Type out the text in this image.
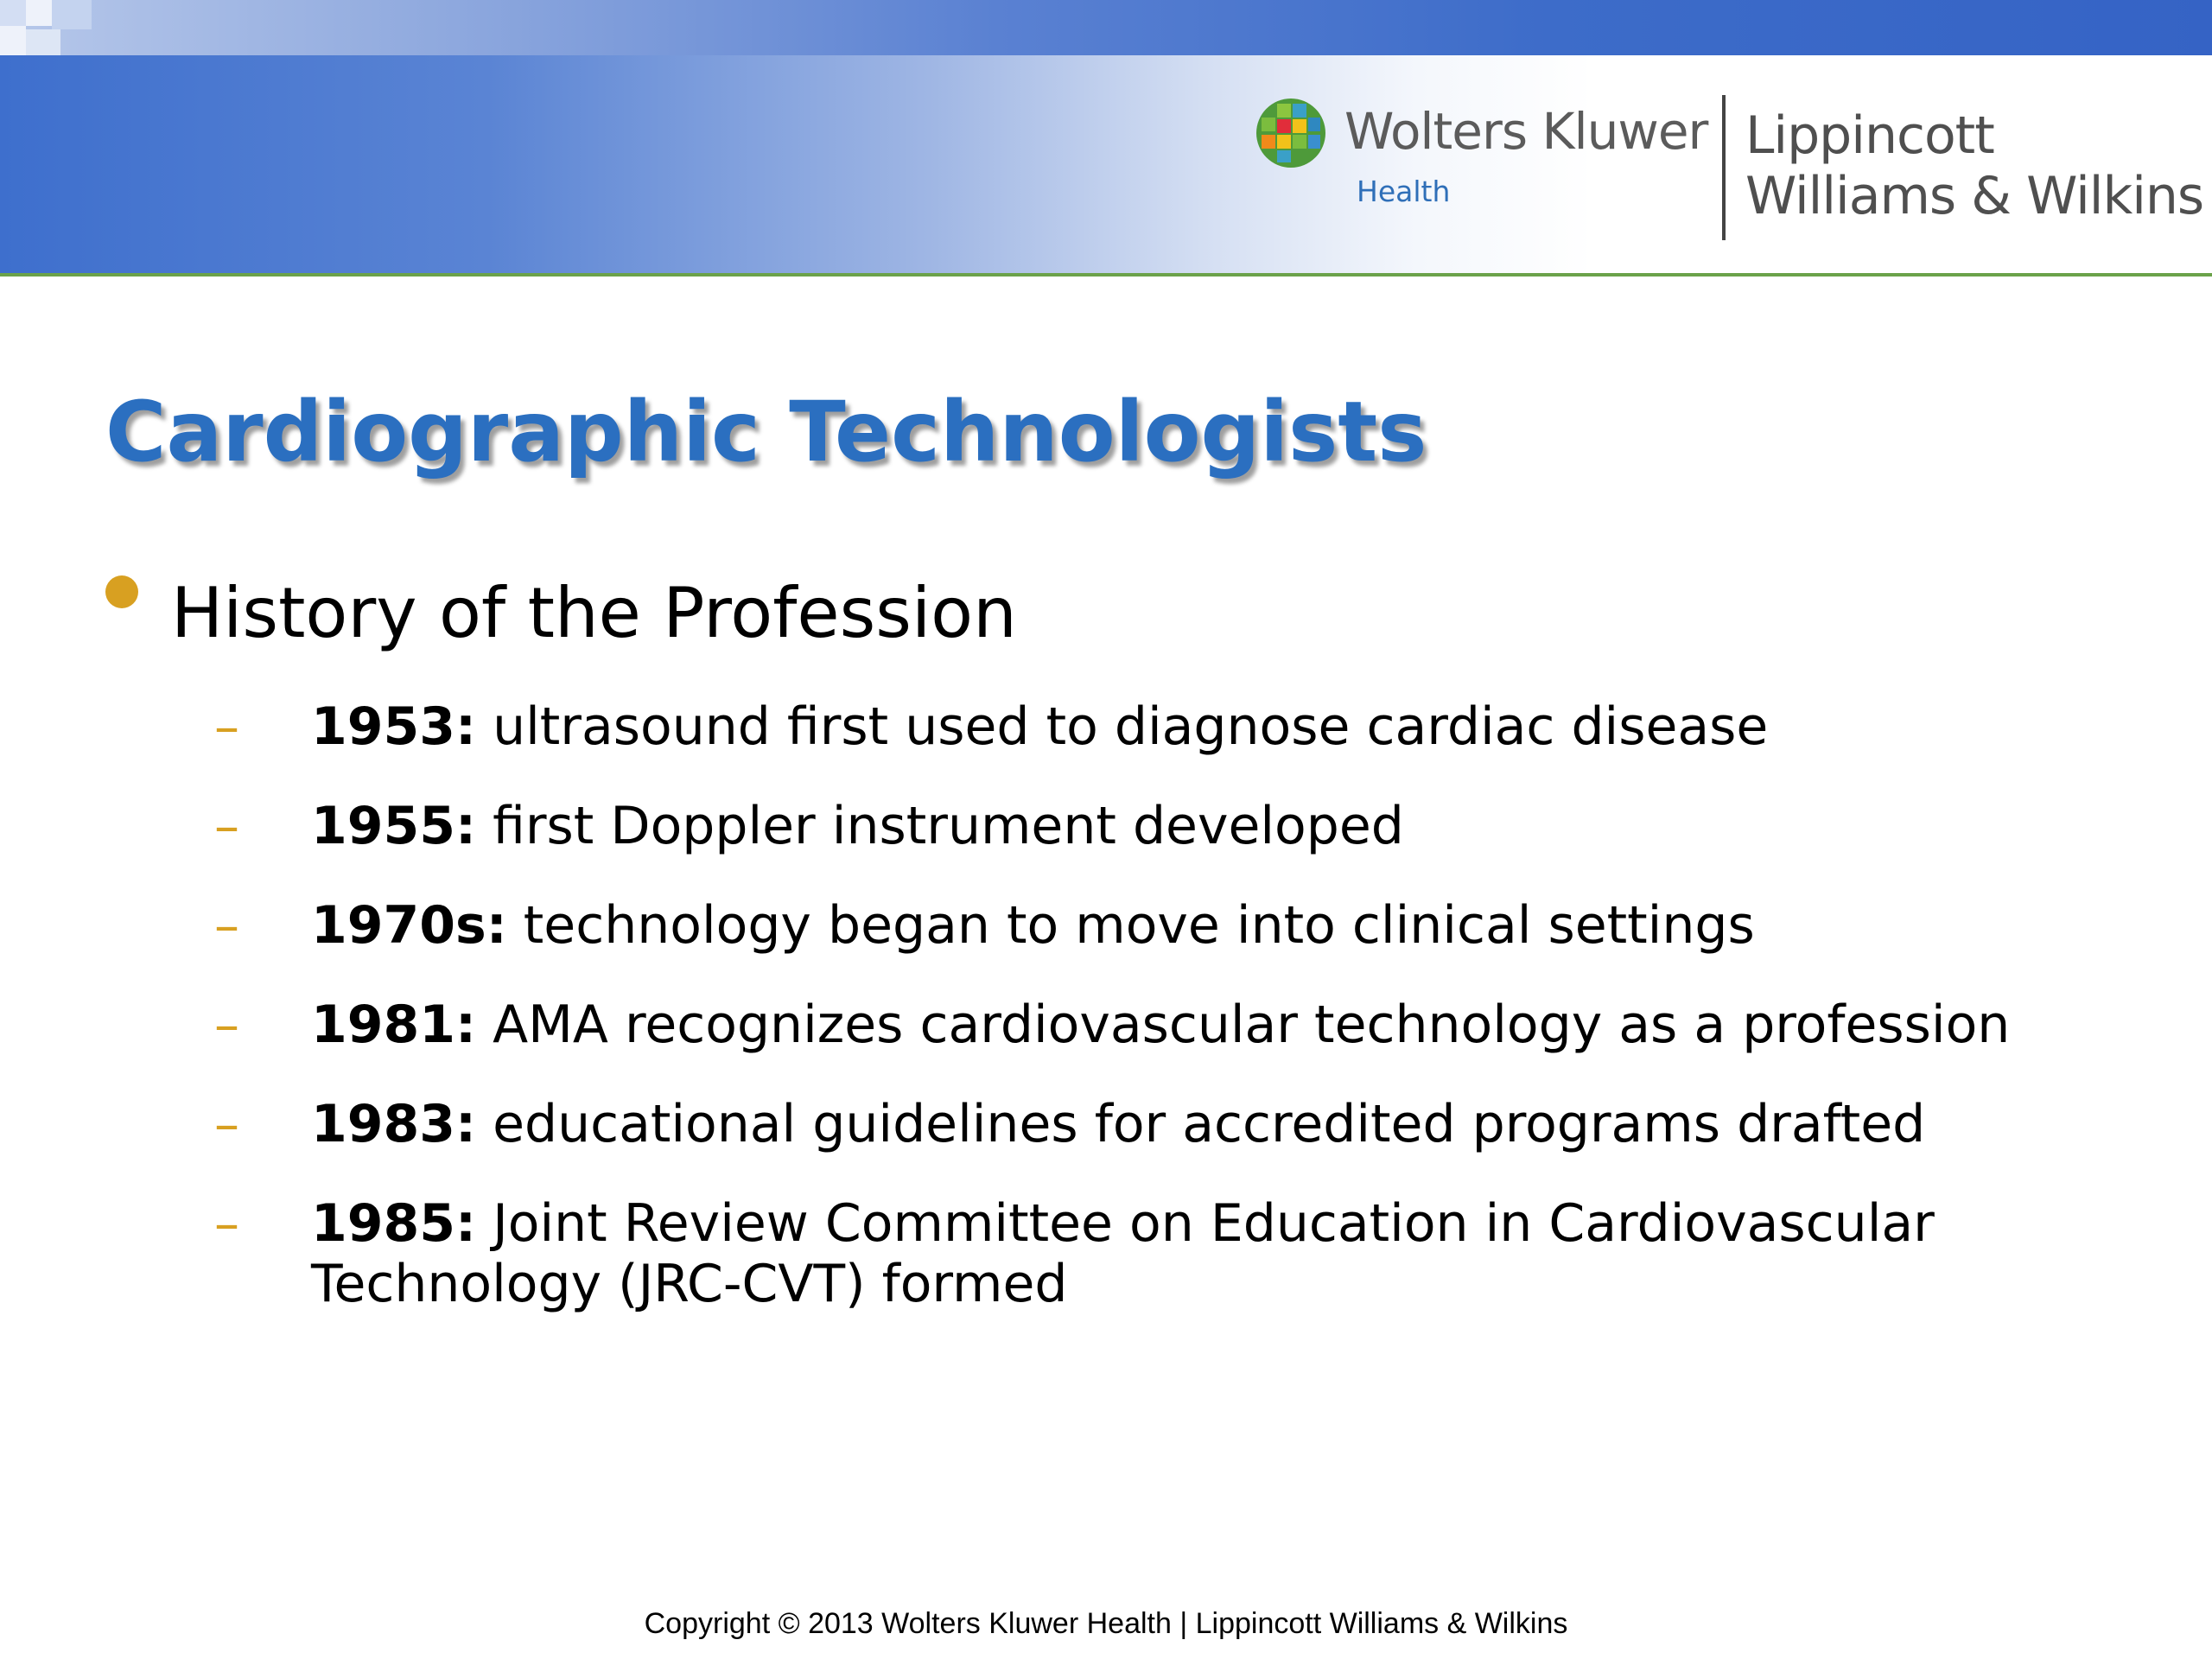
Wolters Kluwer
Health
Lippincott
Williams & Wilkins
Cardiographic Technologists
History of the Profession
– 1953: ultrasound first used to diagnose cardiac disease
– 1955: first Doppler instrument developed
– 1970s: technology began to move into clinical settings
– 1981: AMA recognizes cardiovascular technology as a profession
– 1983: educational guidelines for accredited programs drafted
– 1985: Joint Review Committee on Education in Cardiovascular Technology (JRC-CVT) formed
Copyright © 2013 Wolters Kluwer Health | Lippincott Williams & Wilkins
